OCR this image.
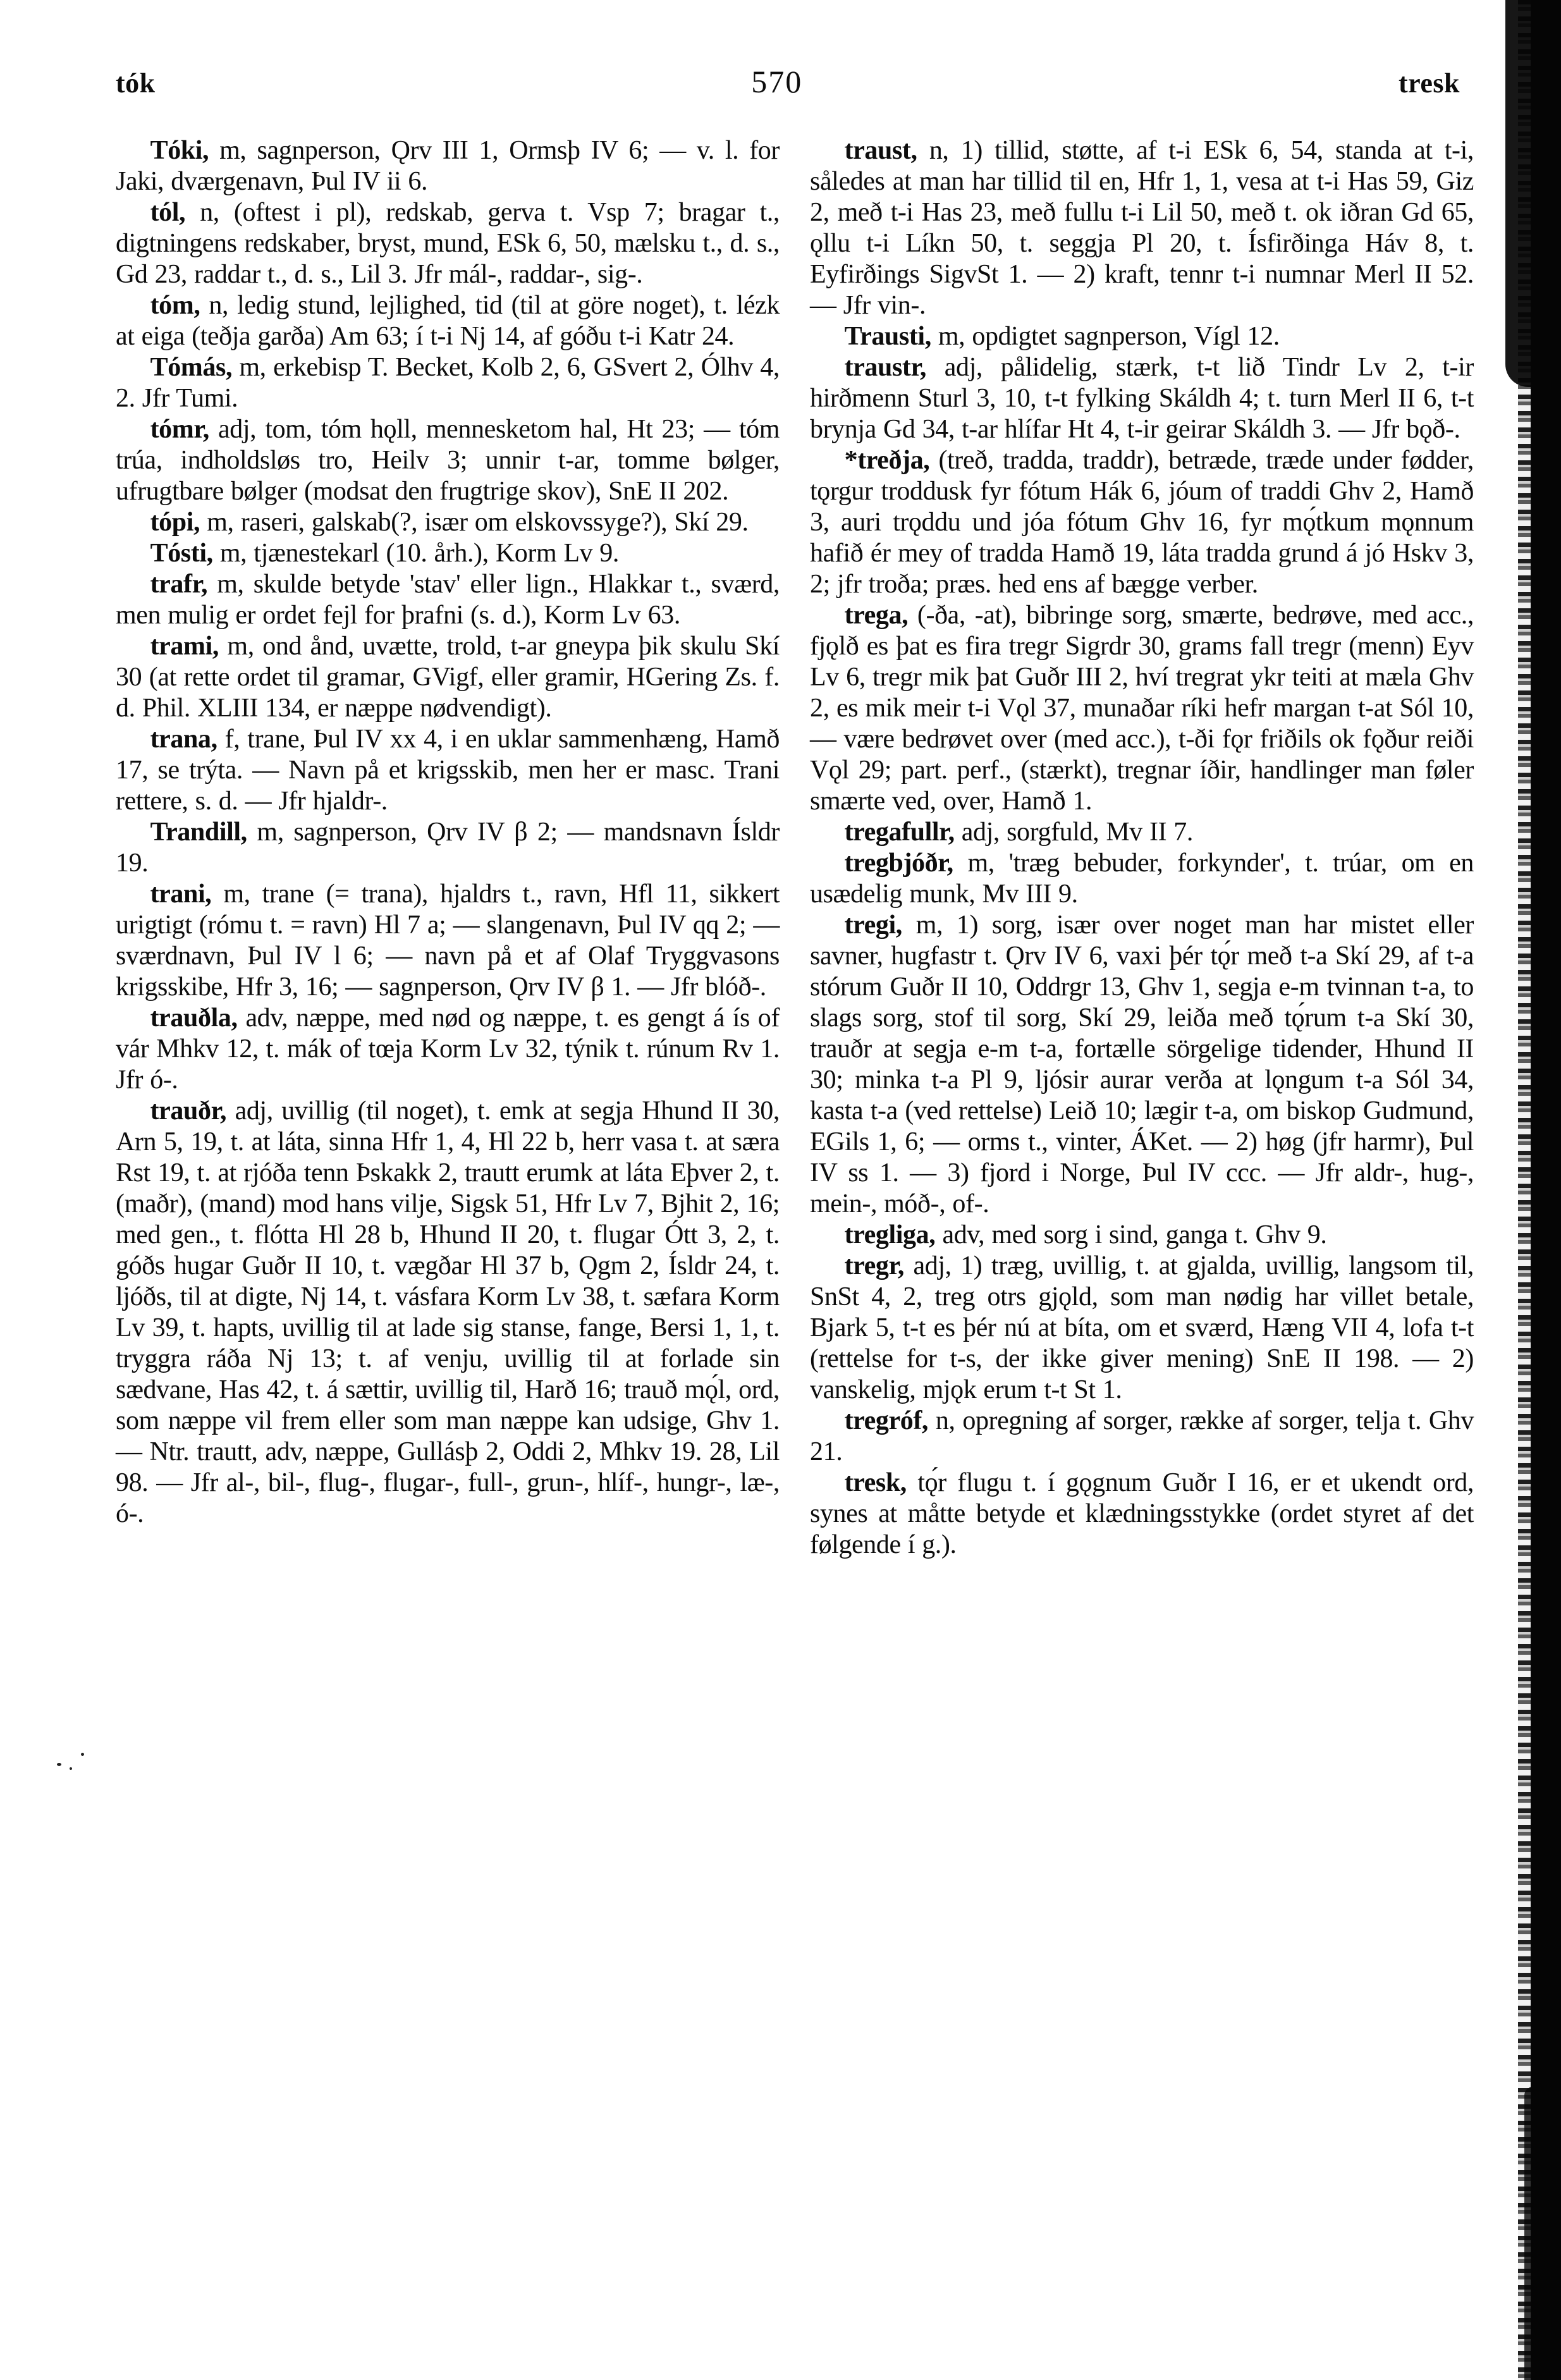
tók	570	tresk

Tóki, m, sagnperson, Ǫrv III 1, Ormsþ IV 6; — v. l. for Jaki, dværgenavn, Þul IV ii 6.

tól, n, (oftest i pl), redskab, gerva t. Vsp 7; bragar t., digtningens redskaber, bryst, mund, ESk 6, 50, mælsku t., d. s., Gd 23, raddar t., d. s., Lil 3. Jfr mál-, raddar-, sig-.

tóm, n, ledig stund, lejlighed, tid (til at göre noget), t. lézk at eiga (teðja garða) Am 63; í t-i Nj 14, af góðu t-i Katr 24.

Tómás, m, erkebisp T. Becket, Kolb 2, 6, GSvert 2, Ólhv 4, 2. Jfr Tumi.

tómr, adj, tom, tóm hǫll, mennesketom hal, Ht 23; — tóm trúa, indholdsløs tro, Heilv 3; unnir t-ar, tomme bølger, ufrugtbare bølger (modsat den frugtrige skov), SnE II 202.

tópi, m, raseri, galskab(?, især om elskovssyge?), Skí 29.

Tósti, m, tjænestekarl (10. årh.), Korm Lv 9.

trafr, m, skulde betyde 'stav' eller lign., Hlakkar t., sværd, men mulig er ordet fejl for þrafni (s. d.), Korm Lv 63.

trami, m, ond ånd, uvætte, trold, t-ar gneypa þik skulu Skí 30 (at rette ordet til gramar, GVigf, eller gramir, HGering Zs. f. d. Phil. XLIII 134, er næppe nødvendigt).

trana, f, trane, Þul IV xx 4, i en uklar sammenhæng, Hamð 17, se trýta. — Navn på et krigsskib, men her er masc. Trani rettere, s. d. — Jfr hjaldr-.

Trandill, m, sagnperson, Ǫrv IV β 2; — mandsnavn Ísldr 19.

trani, m, trane (= trana), hjaldrs t., ravn, Hfl 11, sikkert urigtigt (rómu t. = ravn) Hl 7 a; — slangenavn, Þul IV qq 2; — sværdnavn, Þul IV l 6; — navn på et af Olaf Tryggvasons krigsskibe, Hfr 3, 16; — sagnperson, Ǫrv IV β 1. — Jfr blóð-.

trauðla, adv, næppe, med nød og næppe, t. es gengt á ís of vár Mhkv 12, t. mák of tœja Korm Lv 32, týnik t. rúnum Rv 1. Jfr ó-.

trauðr, adj, uvillig (til noget), t. emk at segja Hhund II 30, Arn 5, 19, t. at láta, sinna Hfr 1, 4, Hl 22 b, herr vasa t. at særa Rst 19, t. at rjóða tenn Þskakk 2, trautt erumk at láta Eþver 2, t. (maðr), (mand) mod hans vilje, Sigsk 51, Hfr Lv 7, Bjhit 2, 16; med gen., t. flótta Hl 28 b, Hhund II 20, t. flugar Ótt 3, 2, t. góðs hugar Guðr II 10, t. vægðar Hl 37 b, Ǫgm 2, Ísldr 24, t. ljóðs, til at digte, Nj 14, t. vásfara Korm Lv 38, t. sæfara Korm Lv 39, t. hapts, uvillig til at lade sig stanse, fange, Bersi 1, 1, t. tryggra ráða Nj 13; t. af venju, uvillig til at forlade sin sædvane, Has 42, t. á sættir, uvillig til, Harð 16; trauð mǫ́l, ord, som næppe vil frem eller som man næppe kan udsige, Ghv 1. — Ntr. trautt, adv, næppe, Gullásþ 2, Oddi 2, Mhkv 19. 28, Lil 98. — Jfr al-, bil-, flug-, flugar-, full-, grun-, hlíf-, hungr-, læ-, ó-.

traust, n, 1) tillid, støtte, af t-i ESk 6, 54, standa at t-i, således at man har tillid til en, Hfr 1, 1, vesa at t-i Has 59, Giz 2, með t-i Has 23, með fullu t-i Lil 50, með t. ok iðran Gd 65, ǫllu t-i Líkn 50, t. seggja Pl 20, t. Ísfirðinga Háv 8, t. Eyfirðings SigvSt 1. — 2) kraft, tennr t-i numnar Merl II 52. — Jfr vin-.

Trausti, m, opdigtet sagnperson, Vígl 12.

traustr, adj, pålidelig, stærk, t-t lið Tindr Lv 2, t-ir hirðmenn Sturl 3, 10, t-t fylking Skáldh 4; t. turn Merl II 6, t-t brynja Gd 34, t-ar hlífar Ht 4, t-ir geirar Skáldh 3. — Jfr bǫð-.

*treðja, (treð, tradda, traddr), betræde, træde under fødder, tǫrgur troddusk fyr fótum Hák 6, jóum of traddi Ghv 2, Hamð 3, auri trǫddu und jóa fótum Ghv 16, fyr mǫ́tkum mǫnnum hafið ér mey of tradda Hamð 19, láta tradda grund á jó Hskv 3, 2; jfr troða; præs. hed ens af bægge verber.

trega, (-ða, -at), bibringe sorg, smærte, bedrøve, med acc., fjǫlð es þat es fira tregr Sigrdr 30, grams fall tregr (menn) Eyv Lv 6, tregr mik þat Guðr III 2, hví tregrat ykr teiti at mæla Ghv 2, es mik meir t-i Vǫl 37, munaðar ríki hefr margan t-at Sól 10, — være bedrøvet over (med acc.), t-ði fǫr friðils ok fǫður reiði Vǫl 29; part. perf., (stærkt), tregnar íðir, handlinger man føler smærte ved, over, Hamð 1.

tregafullr, adj, sorgfuld, Mv II 7.

tregbjóðr, m, 'træg bebuder, forkynder', t. trúar, om en usædelig munk, Mv III 9.

tregi, m, 1) sorg, især over noget man har mistet eller savner, hugfastr t. Ǫrv IV 6, vaxi þér tǫ́r með t-a Skí 29, af t-a stórum Guðr II 10, Oddrgr 13, Ghv 1, segja e-m tvinnan t-a, to slags sorg, stof til sorg, Skí 29, leiða með tǫ́rum t-a Skí 30, trauðr at segja e-m t-a, fortælle sörgelige tidender, Hhund II 30; minka t-a Pl 9, ljósir aurar verða at lǫngum t-a Sól 34, kasta t-a (ved rettelse) Leið 10; lægir t-a, om biskop Gudmund, EGils 1, 6; — orms t., vinter, ÁKet. — 2) høg (jfr harmr), Þul IV ss 1. — 3) fjord i Norge, Þul IV ccc. — Jfr aldr-, hug-, mein-, móð-, of-.

tregliga, adv, med sorg i sind, ganga t. Ghv 9.

tregr, adj, 1) træg, uvillig, t. at gjalda, uvillig, langsom til, SnSt 4, 2, treg otrs gjǫld, som man nødig har villet betale, Bjark 5, t-t es þér nú at bíta, om et sværd, Hæng VII 4, lofa t-t (rettelse for t-s, der ikke giver mening) SnE II 198. — 2) vanskelig, mjǫk erum t-t St 1.

tregróf, n, opregning af sorger, række af sorger, telja t. Ghv 21.

tresk, tǫ́r flugu t. í gǫgnum Guðr I 16, er et ukendt ord, synes at måtte betyde et klædningsstykke (ordet styret af det følgende í g.).
